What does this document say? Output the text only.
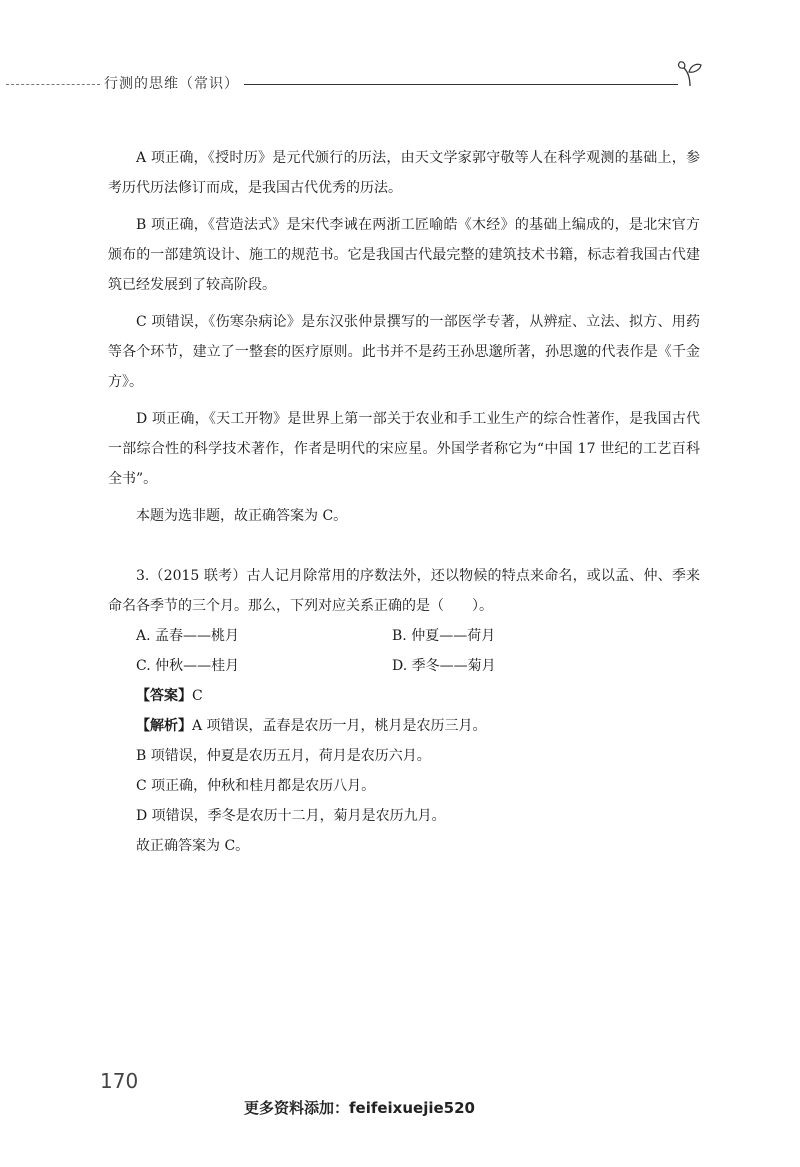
行测的思维（常识）

A 项正确，《授时历》是元代颁行的历法，由天文学家郭守敬等人在科学观测的基础上，参考历代历法修订而成，是我国古代优秀的历法。

B 项正确，《营造法式》是宋代李诫在两浙工匠喻皓《木经》的基础上编成的，是北宋官方颁布的一部建筑设计、施工的规范书。它是我国古代最完整的建筑技术书籍，标志着我国古代建筑已经发展到了较高阶段。

C 项错误，《伤寒杂病论》是东汉张仲景撰写的一部医学专著，从辨症、立法、拟方、用药等各个环节，建立了一整套的医疗原则。此书并不是药王孙思邈所著，孙思邈的代表作是《千金方》。

D 项正确，《天工开物》是世界上第一部关于农业和手工业生产的综合性著作，是我国古代一部综合性的科学技术著作，作者是明代的宋应星。外国学者称它为“中国 17 世纪的工艺百科全书”。

本题为选非题，故正确答案为 C。

3.（2015 联考）古人记月除常用的序数法外，还以物候的特点来命名，或以孟、仲、季来命名各季节的三个月。那么，下列对应关系正确的是（　　）。

A. 孟春——桃月	B. 仲夏——荷月
C. 仲秋——桂月	D. 季冬——菊月

【答案】C

【解析】A 项错误，孟春是农历一月，桃月是农历三月。

B 项错误，仲夏是农历五月，荷月是农历六月。

C 项正确，仲秋和桂月都是农历八月。

D 项错误，季冬是农历十二月，菊月是农历九月。

故正确答案为 C。

170
更多资料添加：feifeixuejie520
